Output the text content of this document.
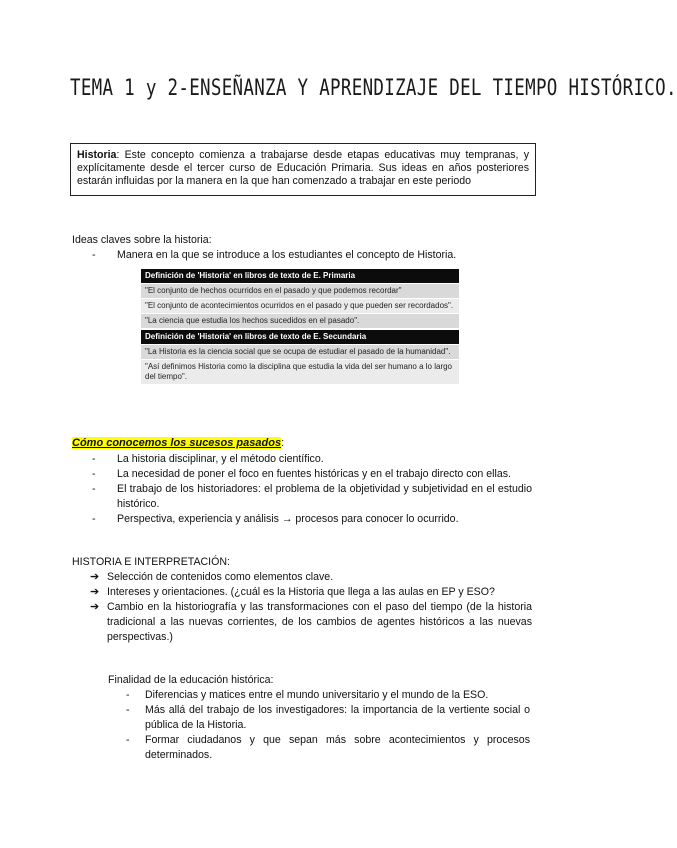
TEMA 1 y 2-ENSEÑANZA Y APRENDIZAJE DEL TIEMPO HISTÓRICO.
Historia: Este concepto comienza a trabajarse desde etapas educativas muy tempranas, y explícitamente desde el tercer curso de Educación Primaria. Sus ideas en años posteriores estarán influidas por la manera en la que han comenzado a trabajar en este periodo
Ideas claves sobre la historia:
- Manera en la que se introduce a los estudiantes el concepto de Historia.
Definición de 'Historia' en libros de texto de E. Primaria
"El conjunto de hechos ocurridos en el pasado y que podemos recordar"
"El conjunto de acontecimientos ocurridos en el pasado y que pueden ser recordados".
"La ciencia que estudia los hechos sucedidos en el pasado".
Definición de 'Historia' en libros de texto de E. Secundaria
"La Historia es la ciencia social que se ocupa de estudiar el pasado de la humanidad".
"Así definimos Historia como la disciplina que estudia la vida del ser humano a lo largo del tiempo".
Cómo conocemos los sucesos pasados:
- La historia disciplinar, y el método científico.
- La necesidad de poner el foco en fuentes históricas y en el trabajo directo con ellas.
- El trabajo de los historiadores: el problema de la objetividad y subjetividad en el estudio histórico.
- Perspectiva, experiencia y análisis → procesos para conocer lo ocurrido.
HISTORIA E INTERPRETACIÓN:
➔ Selección de contenidos como elementos clave.
➔ Intereses y orientaciones. (¿cuál es la Historia que llega a las aulas en EP y ESO?
➔ Cambio en la historiografía y las transformaciones con el paso del tiempo (de la historia tradicional a las nuevas corrientes, de los cambios de agentes históricos a las nuevas perspectivas.)
Finalidad de la educación histórica:
- Diferencias y matices entre el mundo universitario y el mundo de la ESO.
- Más allá del trabajo de los investigadores: la importancia de la vertiente social o pública de la Historia.
- Formar ciudadanos y que sepan más sobre acontecimientos y procesos determinados.
